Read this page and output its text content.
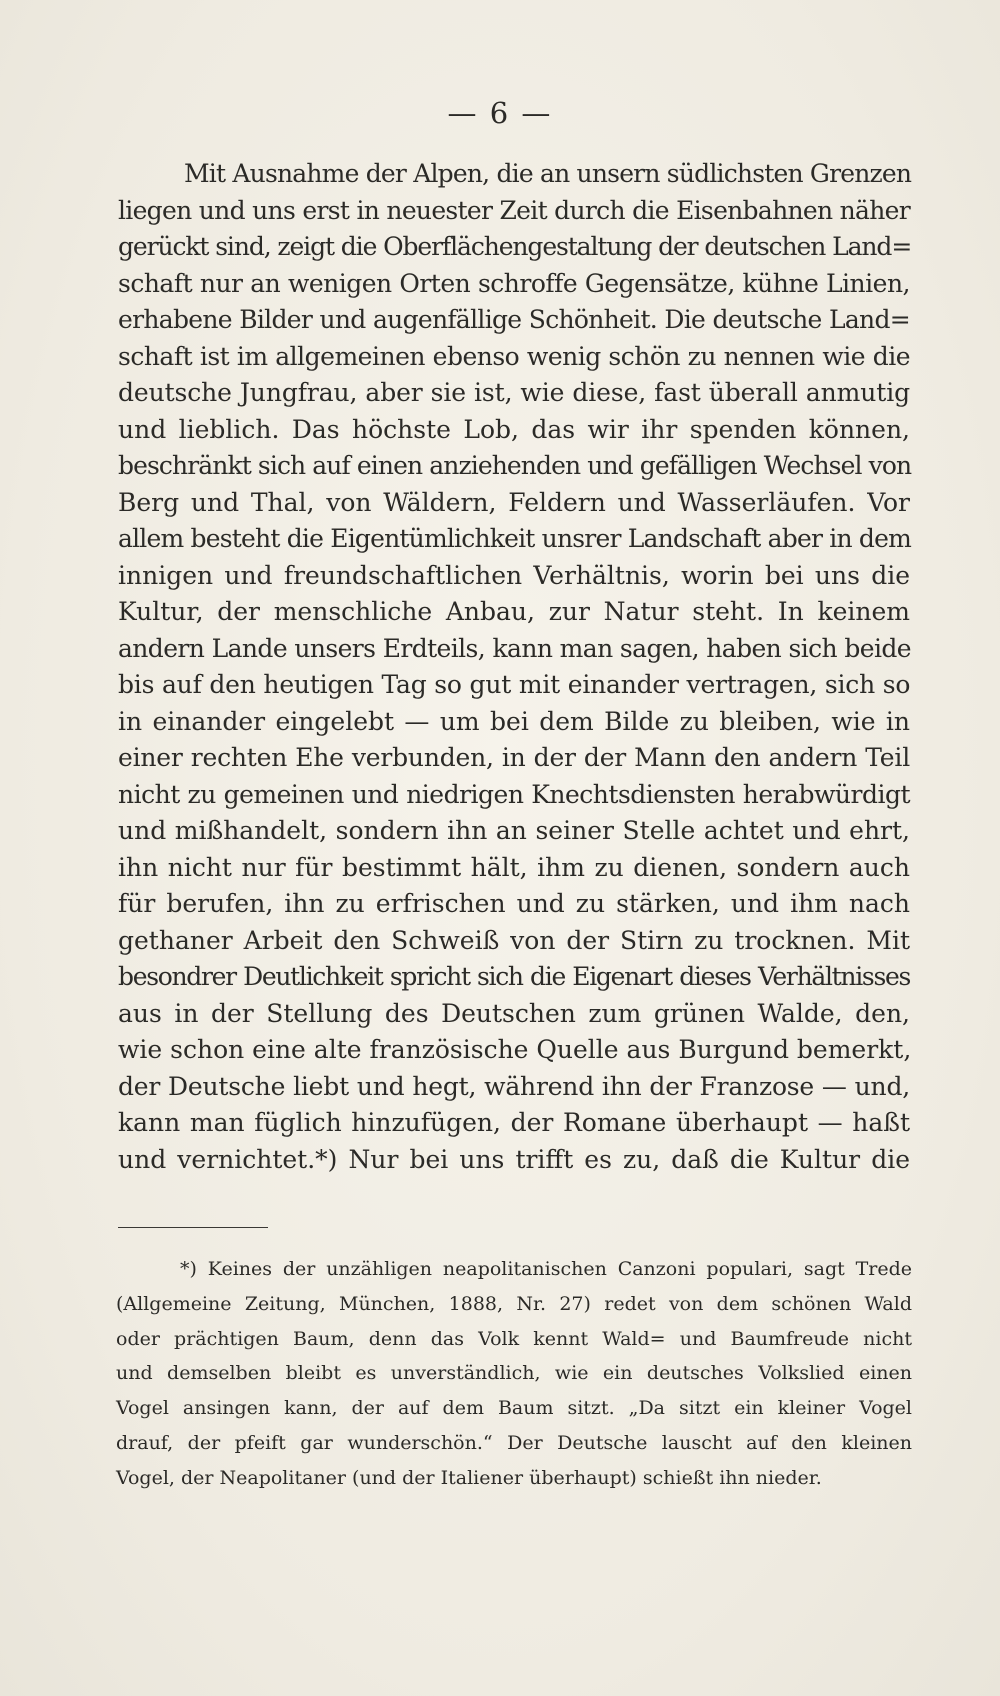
— 6 —
Mit Ausnahme der Alpen, die an unsern südlichsten Grenzen
liegen und uns erst in neuester Zeit durch die Eisenbahnen näher
gerückt sind, zeigt die Oberflächengestaltung der deutschen Land=
schaft nur an wenigen Orten schroffe Gegensätze, kühne Linien,
erhabene Bilder und augenfällige Schönheit. Die deutsche Land=
schaft ist im allgemeinen ebenso wenig schön zu nennen wie die
deutsche Jungfrau, aber sie ist, wie diese, fast überall anmutig
und lieblich. Das höchste Lob, das wir ihr spenden können,
beschränkt sich auf einen anziehenden und gefälligen Wechsel von
Berg und Thal, von Wäldern, Feldern und Wasserläufen. Vor
allem besteht die Eigentümlichkeit unsrer Landschaft aber in dem
innigen und freundschaftlichen Verhältnis, worin bei uns die
Kultur, der menschliche Anbau, zur Natur steht. In keinem
andern Lande unsers Erdteils, kann man sagen, haben sich beide
bis auf den heutigen Tag so gut mit einander vertragen, sich so
in einander eingelebt — um bei dem Bilde zu bleiben, wie in
einer rechten Ehe verbunden, in der der Mann den andern Teil
nicht zu gemeinen und niedrigen Knechtsdiensten herabwürdigt
und mißhandelt, sondern ihn an seiner Stelle achtet und ehrt,
ihn nicht nur für bestimmt hält, ihm zu dienen, sondern auch
für berufen, ihn zu erfrischen und zu stärken, und ihm nach
gethaner Arbeit den Schweiß von der Stirn zu trocknen. Mit
besondrer Deutlichkeit spricht sich die Eigenart dieses Verhältnisses
aus in der Stellung des Deutschen zum grünen Walde, den,
wie schon eine alte französische Quelle aus Burgund bemerkt,
der Deutsche liebt und hegt, während ihn der Franzose — und,
kann man füglich hinzufügen, der Romane überhaupt — haßt
und vernichtet.*) Nur bei uns trifft es zu, daß die Kultur die
*) Keines der unzähligen neapolitanischen Canzoni populari, sagt Trede
(Allgemeine Zeitung, München, 1888, Nr. 27) redet von dem schönen Wald
oder prächtigen Baum, denn das Volk kennt Wald= und Baumfreude nicht
und demselben bleibt es unverständlich, wie ein deutsches Volkslied einen
Vogel ansingen kann, der auf dem Baum sitzt. „Da sitzt ein kleiner Vogel
drauf, der pfeift gar wunderschön.“ Der Deutsche lauscht auf den kleinen
Vogel, der Neapolitaner (und der Italiener überhaupt) schießt ihn nieder.
